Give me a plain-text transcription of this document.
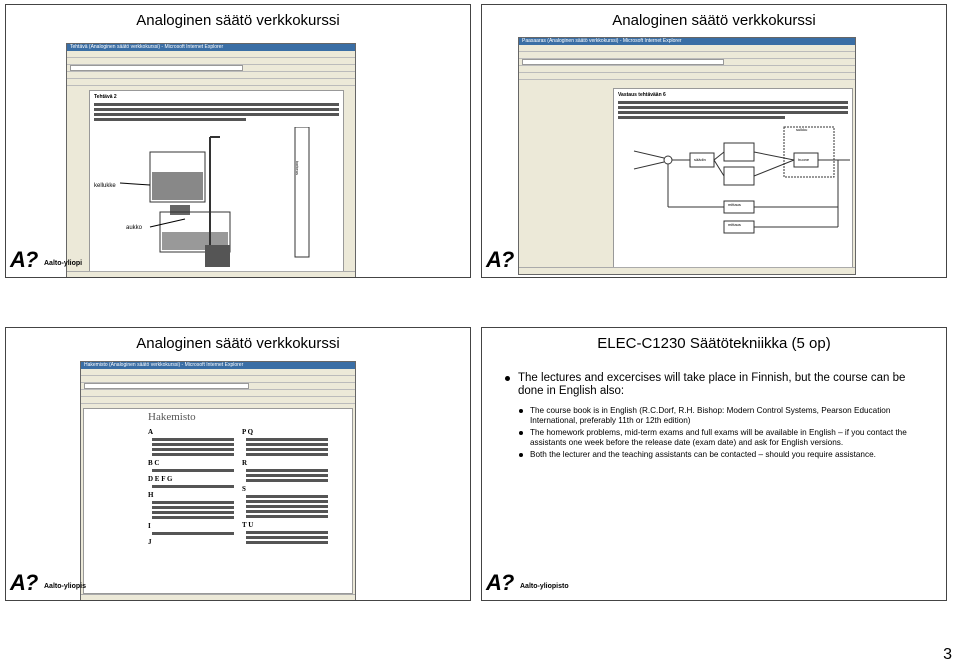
Analoginen säätö verkkokurssi
Tehtävä (Analoginen säätö verkkokurssi) - Microsoft Internet Explorer
Tehtävä 2
kellukke
aukko
korkeus
A? Aalto-yliopi
Analoginen säätö verkkokurssi
Paasaaras (Analoginen säätö verkkokurssi) - Microsoft Internet Explorer
Vastaus tehtävään 6
sulkku
säädin	huone
mittaus
mittaus
A?
Analoginen säätö verkkokurssi
Hakemisto (Analoginen säätö verkkokurssi) - Microsoft Internet Explorer
Hakemisto
A
B C
D E F G
H
I
J
P Q
R
S
T U
A? Aalto-yliopis
ELEC-C1230 Säätötekniikka (5 op)
The lectures and excercises will take place in Finnish, but the course can be done in English also:
The course book is in English (R.C.Dorf, R.H. Bishop: Modern Control Systems, Pearson Education International, preferably 11th or 12th edition)
The homework problems, mid-term exams and full exams will be available in English – if you contact the assistants one week before the release date (exam date) and ask for English versions.
Both the lecturer and the teaching assistants can be contacted – should you require assistance.
A? Aalto-yliopisto
3
